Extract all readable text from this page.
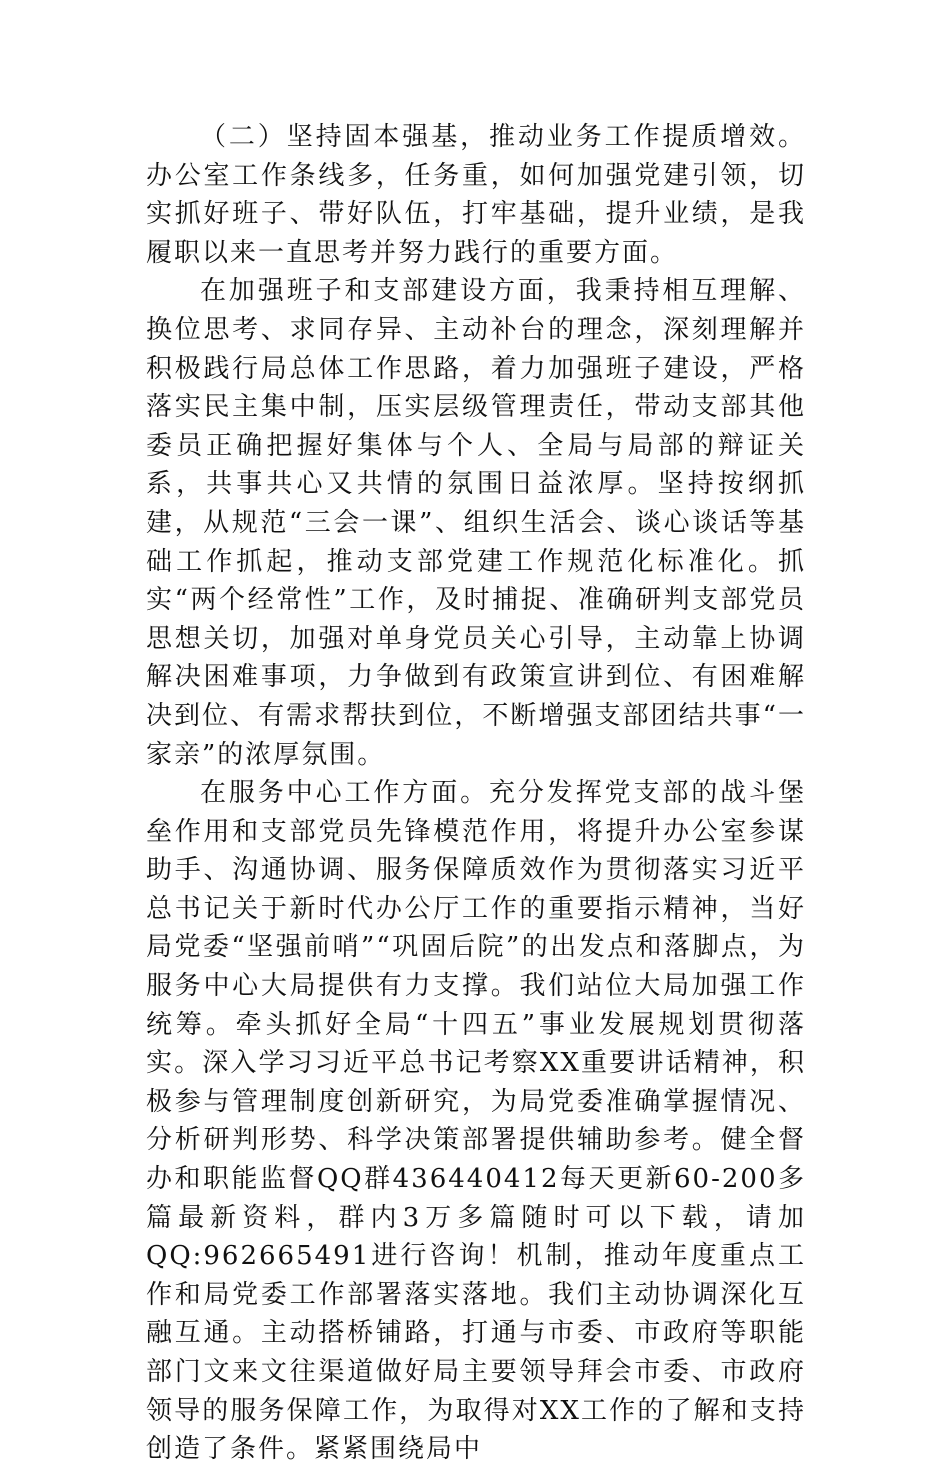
（二）坚持固本强基，推动业务工作提质增效。办公室工作条线多，任务重，如何加强党建引领，切实抓好班子、带好队伍，打牢基础，提升业绩，是我履职以来一直思考并努力践行的重要方面。

在加强班子和支部建设方面，我秉持相互理解、换位思考、求同存异、主动补台的理念，深刻理解并积极践行局总体工作思路，着力加强班子建设，严格落实民主集中制，压实层级管理责任，带动支部其他委员正确把握好集体与个人、全局与局部的辩证关系，共事共心又共情的氛围日益浓厚。坚持按纲抓建，从规范“三会一课”、组织生活会、谈心谈话等基础工作抓起，推动支部党建工作规范化标准化。抓实“两个经常性”工作，及时捕捉、准确研判支部党员思想关切，加强对单身党员关心引导，主动靠上协调解决困难事项，力争做到有政策宣讲到位、有困难解决到位、有需求帮扶到位，不断增强支部团结共事“一家亲”的浓厚氛围。

在服务中心工作方面。充分发挥党支部的战斗堡垒作用和支部党员先锋模范作用，将提升办公室参谋助手、沟通协调、服务保障质效作为贯彻落实习近平总书记关于新时代办公厅工作的重要指示精神，当好局党委“坚强前哨”“巩固后院”的出发点和落脚点，为服务中心大局提供有力支撑。我们站位大局加强工作统筹。牵头抓好全局“十四五”事业发展规划贯彻落实。深入学习习近平总书记考察XX重要讲话精神，积极参与管理制度创新研究，为局党委准确掌握情况、分析研判形势、科学决策部署提供辅助参考。健全督办和职能监督QQ群436440412每天更新60-200多篇最新资料，群内3万多篇随时可以下载，请加QQ:962665491进行咨询！机制，推动年度重点工作和局党委工作部署落实落地。我们主动协调深化互融互通。主动搭桥铺路，打通与市委、市政府等职能部门文来文往渠道做好局主要领导拜会市委、市政府领导的服务保障工作，为取得对XX工作的了解和支持创造了条件。紧紧围绕局中
